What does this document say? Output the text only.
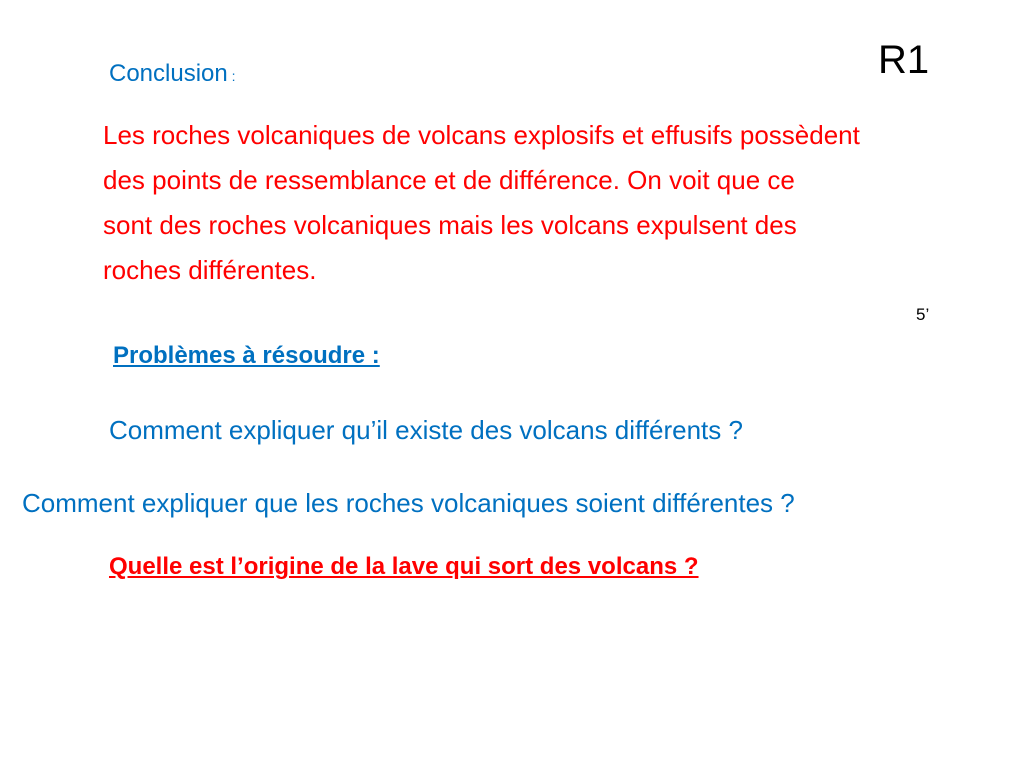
R1
Conclusion :
Les roches volcaniques de volcans explosifs et effusifs possèdent
des points de ressemblance et de différence. On voit que ce
sont des roches volcaniques mais les volcans expulsent des
roches différentes.
5’
Problèmes à résoudre :
Comment expliquer qu’il existe des volcans différents ?
Comment expliquer que les roches volcaniques soient différentes ?
Quelle est l’origine de la lave qui sort des volcans ?
